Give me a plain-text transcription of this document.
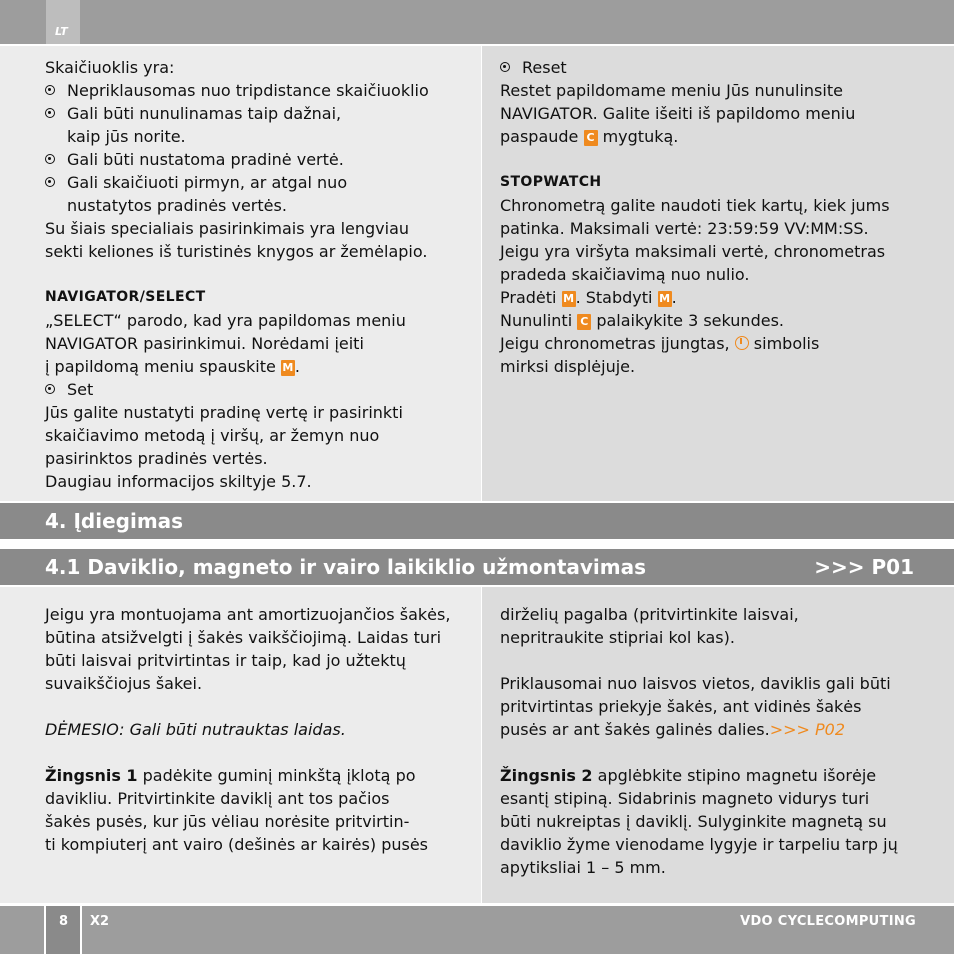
LT

Skaičiuoklis yra:

Nepriklausomas nuo tripdistance skaičiuoklio

Gali būti nunulinamas taip dažnai,

kaip jūs norite.

Gali būti nustatoma pradinė vertė.

Gali skaičiuoti pirmyn, ar atgal nuo

nustatytos pradinės vertės.

Su šiais specialiais pasirinkimais yra lengviau

sekti keliones iš turistinės knygos ar žemėlapio.

NAVIGATOR/SELECT

„SELECT“ parodo, kad yra papildomas meniu

NAVIGATOR pasirinkimui. Norėdami įeiti

į papildomą meniu spauskite M.

Set

Jūs galite nustatyti pradinę vertę ir pasirinkti

skaičiavimo metodą į viršų, ar žemyn nuo

pasirinktos pradinės vertės.

Daugiau informacijos skiltyje 5.7.

Reset

Restet papildomame meniu Jūs nunulinsite

NAVIGATOR. Galite išeiti iš papildomo meniu

paspaude C mygtuką.

STOPWATCH

Chronometrą galite naudoti tiek kartų, kiek jums

patinka. Maksimali vertė: 23:59:59 VV:MM:SS.

Jeigu yra viršyta maksimali vertė, chronometras

pradeda skaičiavimą nuo nulio.

Pradėti M. Stabdyti M.

Nunulinti C palaikykite 3 sekundes.

Jeigu chronometras įjungtas, simbolis

mirksi displėjuje.

4. Įdiegimas
4.1 Daviklio, magneto ir vairo laikiklio užmontavimas	>>> P01

Jeigu yra montuojama ant amortizuojančios šakės,

būtina atsižvelgti į šakės vaikščiojimą. Laidas turi

būti laisvai pritvirtintas ir taip, kad jo užtektų

suvaikščiojus šakei.

DĖMESIO: Gali būti nutrauktas laidas.

Žingsnis 1 padėkite guminį minkštą įklotą po

davikliu. Pritvirtinkite daviklį ant tos pačios

šakės pusės, kur jūs vėliau norėsite pritvirtin-

ti kompiuterį ant vairo (dešinės ar kairės) pusės

dirželių pagalba (pritvirtinkite laisvai,

nepritraukite stipriai kol kas).

Priklausomai nuo laisvos vietos, daviklis gali būti

pritvirtintas priekyje šakės, ant vidinės šakės

pusės ar ant šakės galinės dalies.>>> P02

Žingsnis 2 apglėbkite stipino magnetu išorėje

esantį stipiną. Sidabrinis magneto vidurys turi

būti nukreiptas į daviklį. Sulyginkite magnetą su

daviklio žyme vienodame lygyje ir tarpeliu tarp jų

apytiksliai 1 – 5 mm.

8 X2	VDO CYCLECOMPUTING
